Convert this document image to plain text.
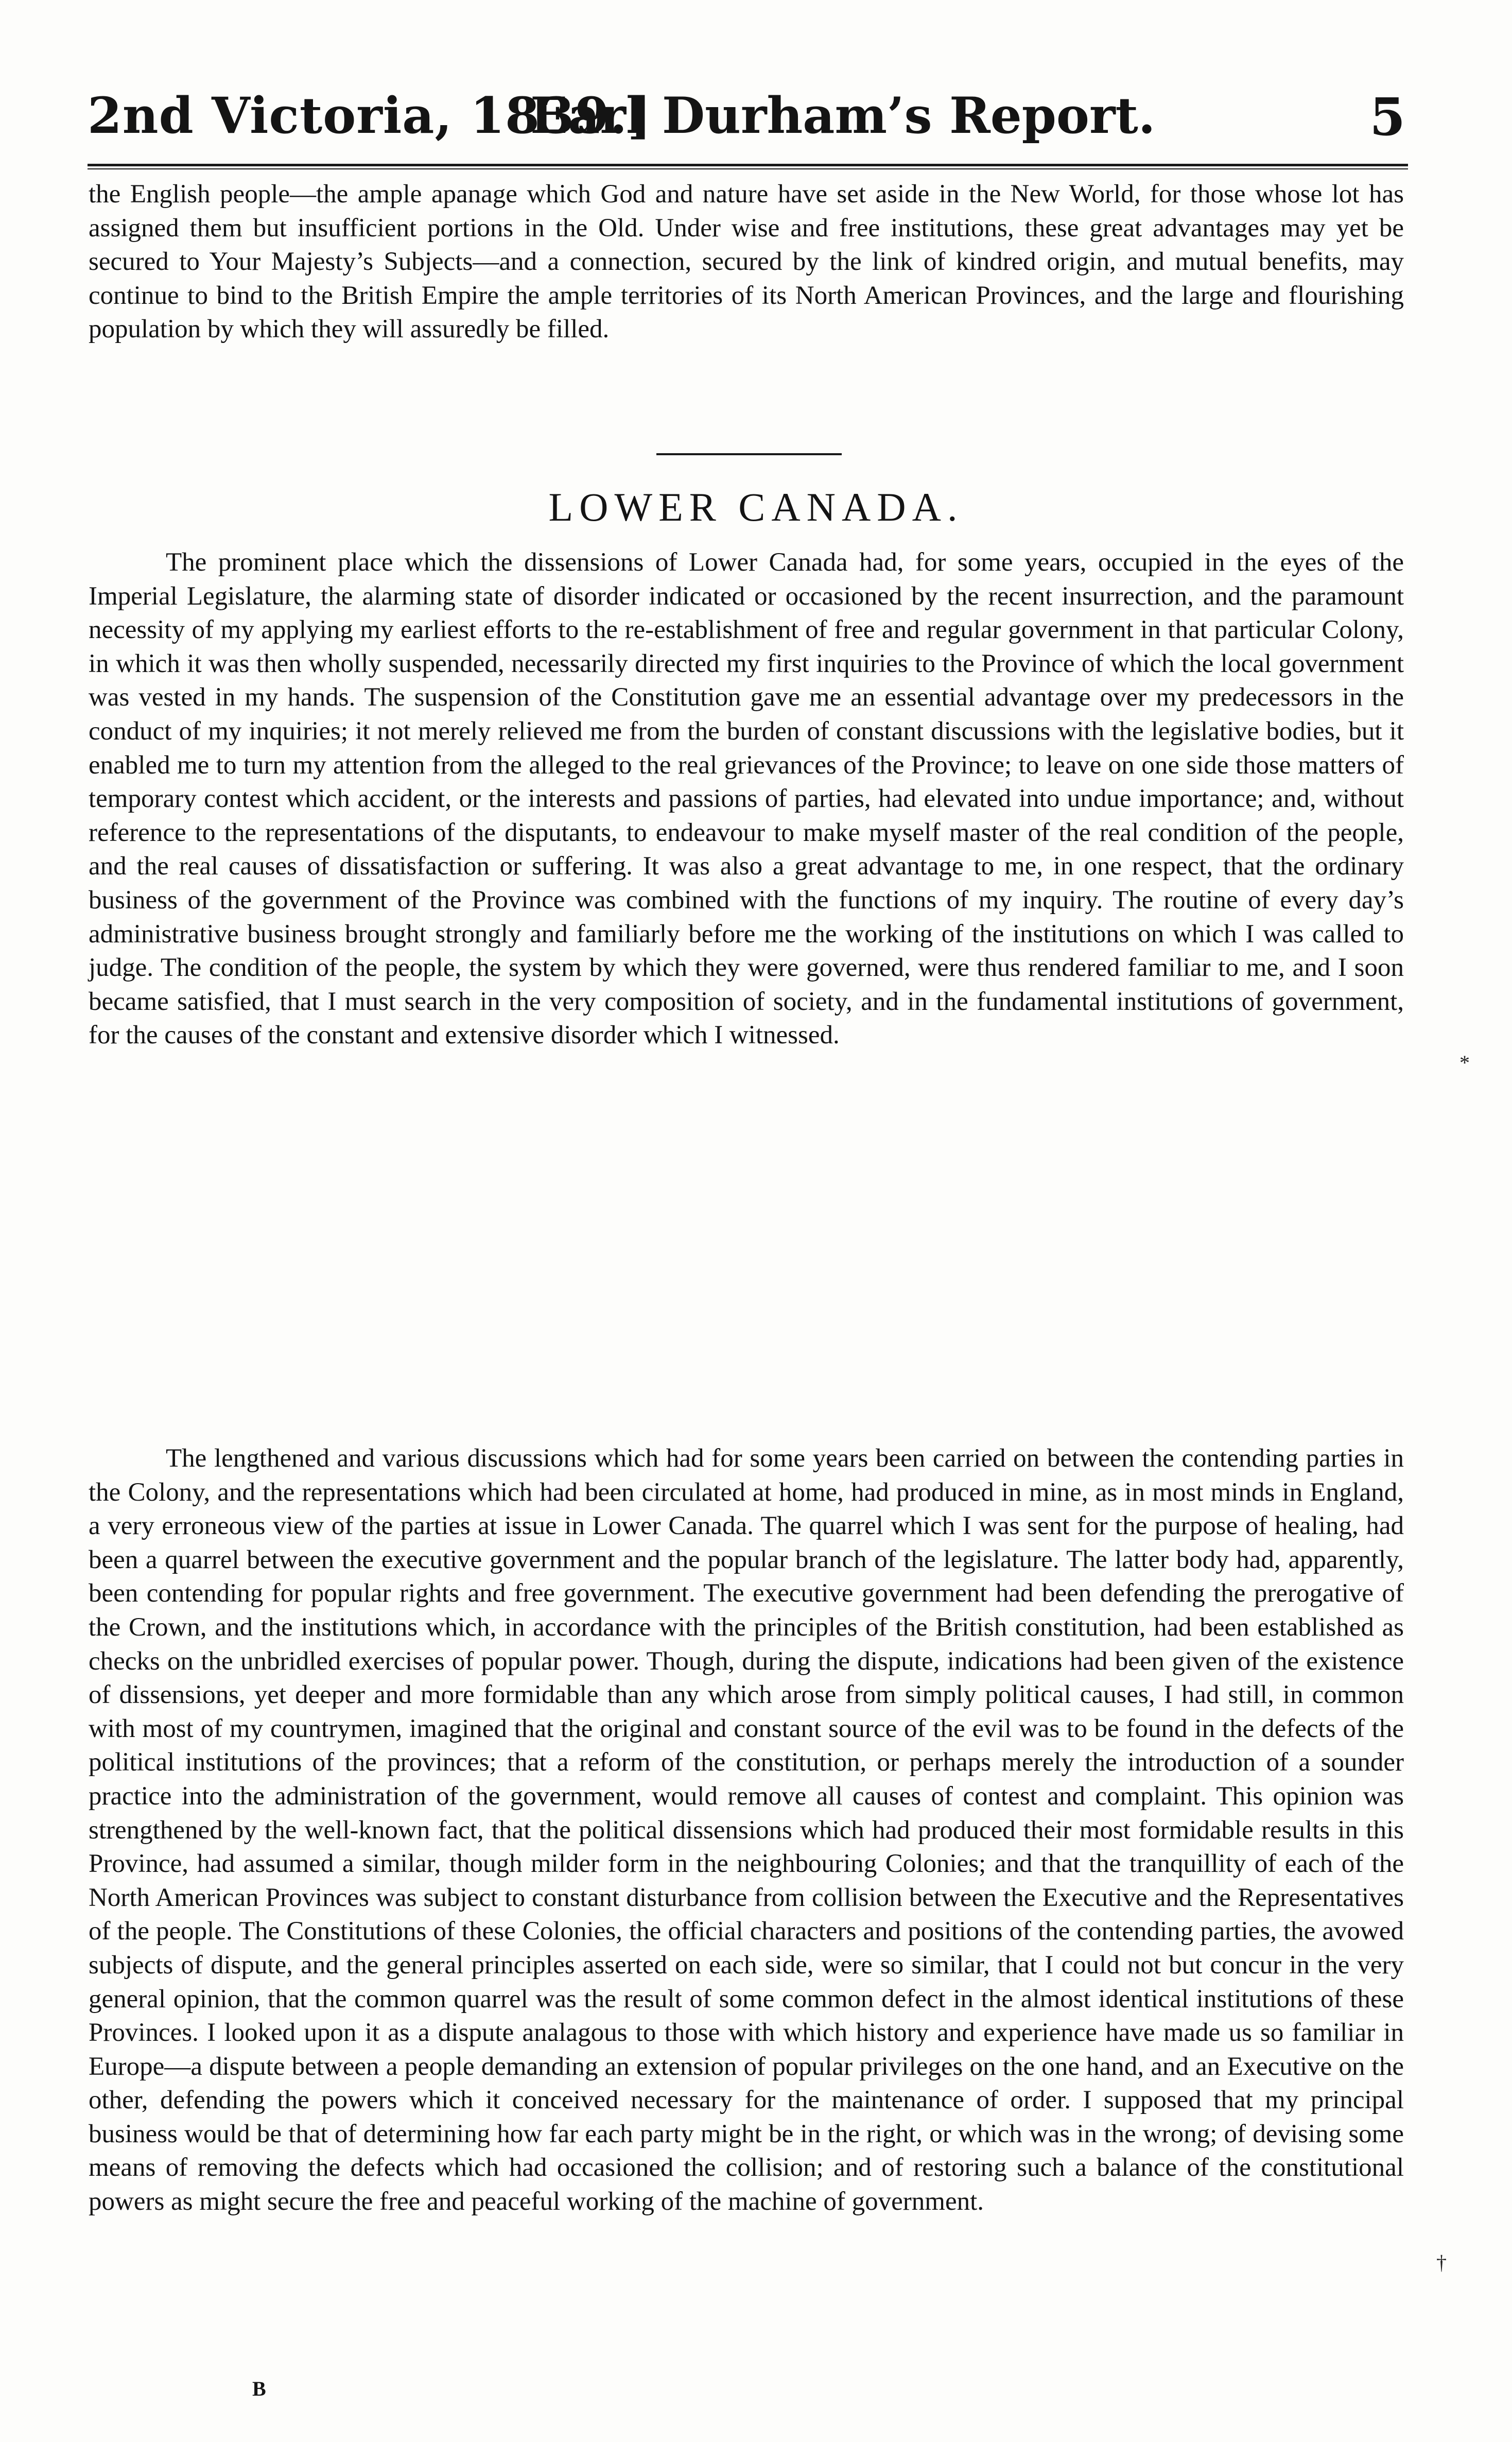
2nd Victoria, 1839.]
Earl Durham’s Report.	5

the English people—the ample apanage which God and nature have set aside in the New World, for those whose lot has assigned them but insufficient portions in the Old. Under wise and free institutions, these great advantages may yet be secured to Your Majesty’s Subjects—and a connection, secured by the link of kindred origin, and mutual benefits, may continue to bind to the British Empire the ample territories of its North American Provinces, and the large and flourishing population by which they will assuredly be filled.

LOWER CANADA.

The prominent place which the dissensions of Lower Canada had, for some years, occupied in the eyes of the Imperial Legislature, the alarming state of disorder indicated or occasioned by the recent insurrection, and the paramount necessity of my applying my earliest efforts to the re-establishment of free and regular government in that particular Colony, in which it was then wholly suspended, necessarily directed my first inquiries to the Province of which the local government was vested in my hands. The suspension of the Constitution gave me an essential advantage over my predecessors in the conduct of my inquiries; it not merely relieved me from the burden of constant discussions with the legislative bodies, but it enabled me to turn my attention from the alleged to the real grievances of the Province; to leave on one side those matters of temporary contest which accident, or the interests and passions of parties, had elevated into undue importance; and, without reference to the representations of the disputants, to endeavour to make myself master of the real condition of the people, and the real causes of dissatisfaction or suffering. It was also a great advantage to me, in one respect, that the ordinary business of the government of the Province was combined with the functions of my inquiry. The routine of every day’s administrative business brought strongly and familiarly before me the working of the institutions on which I was called to judge. The condition of the people, the system by which they were governed, were thus rendered familiar to me, and I soon became satisfied, that I must search in the very composition of society, and in the fundamental institutions of government, for the causes of the constant and extensive disorder which I witnessed.

The lengthened and various discussions which had for some years been carried on between the contending parties in the Colony, and the representations which had been circulated at home, had produced in mine, as in most minds in England, a very erroneous view of the parties at issue in Lower Canada. The quarrel which I was sent for the purpose of healing, had been a quarrel between the executive government and the popular branch of the legislature. The latter body had, apparently, been contending for popular rights and free government. The executive government had been defending the prerogative of the Crown, and the institutions which, in accordance with the principles of the British constitution, had been established as checks on the unbridled exercises of popular power. Though, during the dispute, indications had been given of the existence of dissensions, yet deeper and more formidable than any which arose from simply political causes, I had still, in common with most of my countrymen, imagined that the original and constant source of the evil was to be found in the defects of the political institutions of the provinces; that a reform of the constitution, or perhaps merely the introduction of a sounder practice into the administration of the government, would remove all causes of contest and complaint. This opinion was strengthened by the well-known fact, that the political dissensions which had produced their most formidable results in this Province, had assumed a similar, though milder form in the neighbouring Colonies; and that the tranquillity of each of the North American Provinces was subject to constant disturbance from collision between the Executive and the Representatives of the people. The Constitutions of these Colonies, the official characters and positions of the contending parties, the avowed subjects of dispute, and the general principles asserted on each side, were so similar, that I could not but concur in the very general opinion, that the common quarrel was the result of some common defect in the almost identical institutions of these Provinces. I looked upon it as a dispute analagous to those with which history and experience have made us so familiar in Europe—a dispute between a people demanding an extension of popular privileges on the one hand, and an Executive on the other, defending the powers which it conceived necessary for the maintenance of order. I supposed that my principal business would be that of determining how far each party might be in the right, or which was in the wrong; of devising some means of removing the defects which had occasioned the collision; and of restoring such a balance of the constitutional powers as might secure the free and peaceful working of the machine of government.

*
†
B
